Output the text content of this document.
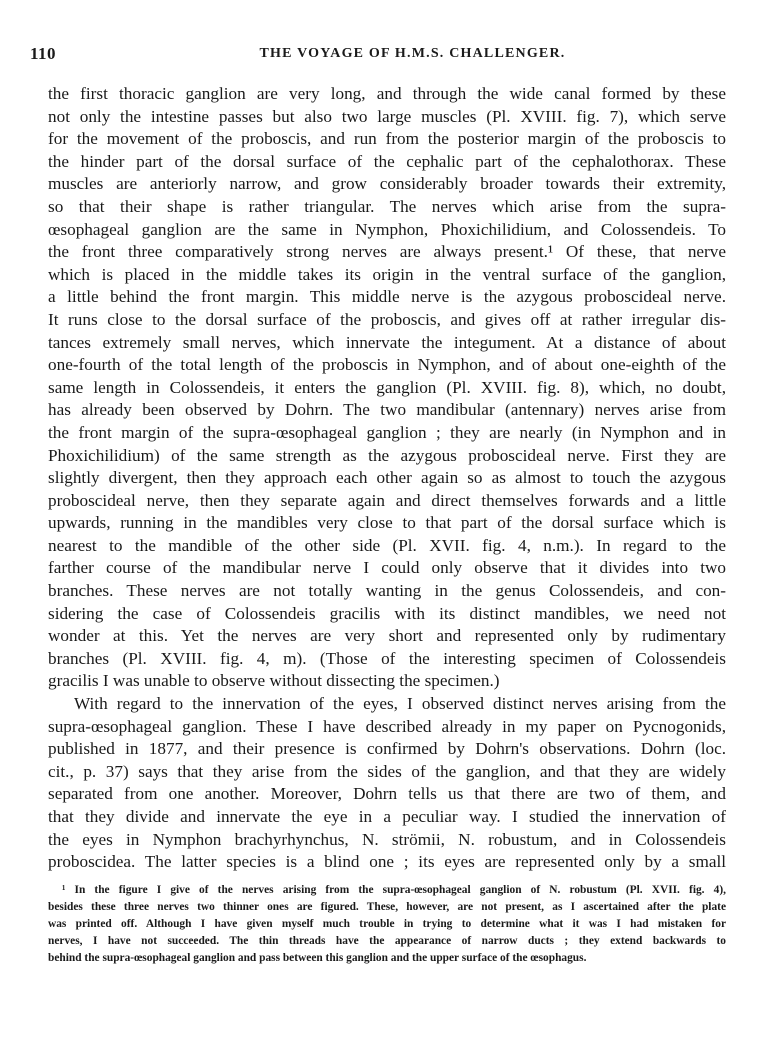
110	THE VOYAGE OF H.M.S. CHALLENGER.
the first thoracic ganglion are very long, and through the wide canal formed by these
not only the intestine passes but also two large muscles (Pl. XVIII. fig. 7), which serve
for the movement of the proboscis, and run from the posterior margin of the proboscis to
the hinder part of the dorsal surface of the cephalic part of the cephalothorax. These
muscles are anteriorly narrow, and grow considerably broader towards their extremity,
so that their shape is rather triangular. The nerves which arise from the supra-
œsophageal ganglion are the same in Nymphon, Phoxichilidium, and Colossendeis. To
the front three comparatively strong nerves are always present.¹ Of these, that nerve
which is placed in the middle takes its origin in the ventral surface of the ganglion,
a little behind the front margin. This middle nerve is the azygous proboscideal nerve.
It runs close to the dorsal surface of the proboscis, and gives off at rather irregular dis-
tances extremely small nerves, which innervate the integument. At a distance of about
one-fourth of the total length of the proboscis in Nymphon, and of about one-eighth of the
same length in Colossendeis, it enters the ganglion (Pl. XVIII. fig. 8), which, no doubt,
has already been observed by Dohrn. The two mandibular (antennary) nerves arise from
the front margin of the supra-œsophageal ganglion ; they are nearly (in Nymphon and in
Phoxichilidium) of the same strength as the azygous proboscideal nerve. First they are
slightly divergent, then they approach each other again so as almost to touch the azygous
proboscideal nerve, then they separate again and direct themselves forwards and a little
upwards, running in the mandibles very close to that part of the dorsal surface which is
nearest to the mandible of the other side (Pl. XVII. fig. 4, n.m.). In regard to the
farther course of the mandibular nerve I could only observe that it divides into two
branches. These nerves are not totally wanting in the genus Colossendeis, and con-
sidering the case of Colossendeis gracilis with its distinct mandibles, we need not
wonder at this. Yet the nerves are very short and represented only by rudimentary
branches (Pl. XVIII. fig. 4, m). (Those of the interesting specimen of Colossendeis
gracilis I was unable to observe without dissecting the specimen.)
With regard to the innervation of the eyes, I observed distinct nerves arising from the
supra-œsophageal ganglion. These I have described already in my paper on Pycnogonids,
published in 1877, and their presence is confirmed by Dohrn's observations. Dohrn (loc.
cit., p. 37) says that they arise from the sides of the ganglion, and that they are widely
separated from one another. Moreover, Dohrn tells us that there are two of them, and
that they divide and innervate the eye in a peculiar way. I studied the innervation of
the eyes in Nymphon brachyrhynchus, N. strömii, N. robustum, and in Colossendeis
proboscidea. The latter species is a blind one ; its eyes are represented only by a small
¹ In the figure I give of the nerves arising from the supra-œsophageal ganglion of N. robustum (Pl. XVII. fig. 4),
besides these three nerves two thinner ones are figured. These, however, are not present, as I ascertained after the plate
was printed off. Although I have given myself much trouble in trying to determine what it was I had mistaken for
nerves, I have not succeeded. The thin threads have the appearance of narrow ducts ; they extend backwards to
behind the supra-œsophageal ganglion and pass between this ganglion and the upper surface of the œsophagus.
